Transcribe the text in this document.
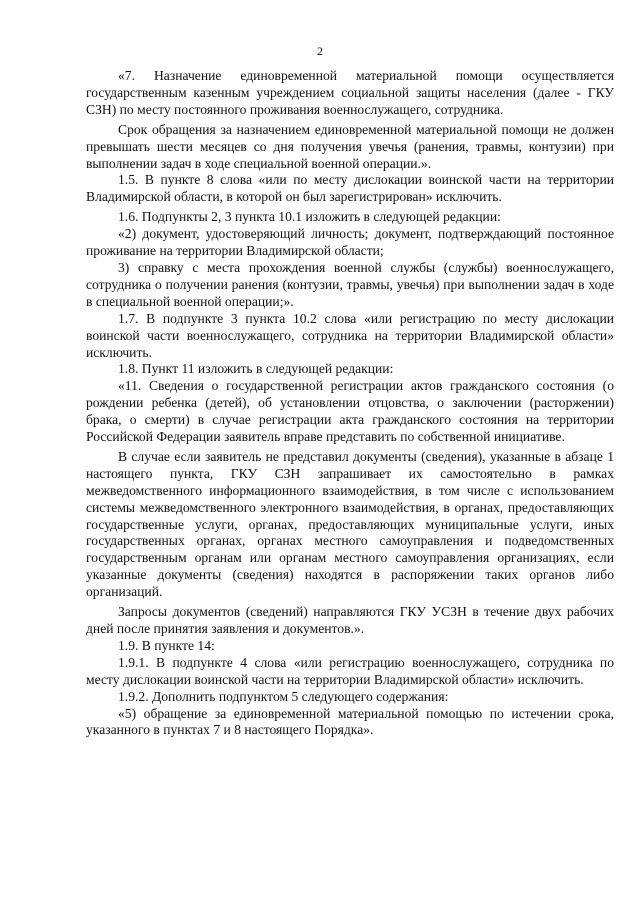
2

«7. Назначение единовременной материальной помощи осуществляется государственным казенным учреждением социальной защиты населения (далее - ГКУ СЗН) по месту постоянного проживания военнослужащего, сотрудника.

Срок обращения за назначением единовременной материальной помощи не должен превышать шести месяцев со дня получения увечья (ранения, травмы, контузии) при выполнении задач в ходе специальной военной операции.».

1.5. В пункте 8 слова «или по месту дислокации воинской части на территории Владимирской области, в которой он был зарегистрирован» исключить.

1.6. Подпункты 2, 3 пункта 10.1 изложить в следующей редакции:

«2) документ, удостоверяющий личность; документ, подтверждающий постоянное проживание на территории Владимирской области;

3) справку с места прохождения военной службы (службы) военнослужащего, сотрудника о получении ранения (контузии, травмы, увечья) при выполнении задач в ходе в специальной военной операции;».

1.7. В подпункте 3 пункта 10.2 слова «или регистрацию по месту дислокации воинской части военнослужащего, сотрудника на территории Владимирской области» исключить.

1.8. Пункт 11 изложить в следующей редакции:

«11. Сведения о государственной регистрации актов гражданского состояния (о рождении ребенка (детей), об установлении отцовства, о заключении (расторжении) брака, о смерти) в случае регистрации акта гражданского состояния на территории Российской Федерации заявитель вправе представить по собственной инициативе.

В случае если заявитель не представил документы (сведения), указанные в абзаце 1 настоящего пункта, ГКУ СЗН запрашивает их самостоятельно в рамках межведомственного информационного взаимодействия, в том числе с использованием системы межведомственного электронного взаимодействия, в органах, предоставляющих государственные услуги, органах, предоставляющих муниципальные услуги, иных государственных органах, органах местного самоуправления и подведомственных государственным органам или органам местного самоуправления организациях, если указанные документы (сведения) находятся в распоряжении таких органов либо организаций.

Запросы документов (сведений) направляются ГКУ УСЗН в течение двух рабочих дней после принятия заявления и документов.».

1.9. В пункте 14:

1.9.1. В подпункте 4 слова «или регистрацию военнослужащего, сотрудника по месту дислокации воинской части на территории Владимирской области» исключить.

1.9.2. Дополнить подпунктом 5 следующего содержания:

«5) обращение за единовременной материальной помощью по истечении срока, указанного в пунктах 7 и 8 настоящего Порядка».
